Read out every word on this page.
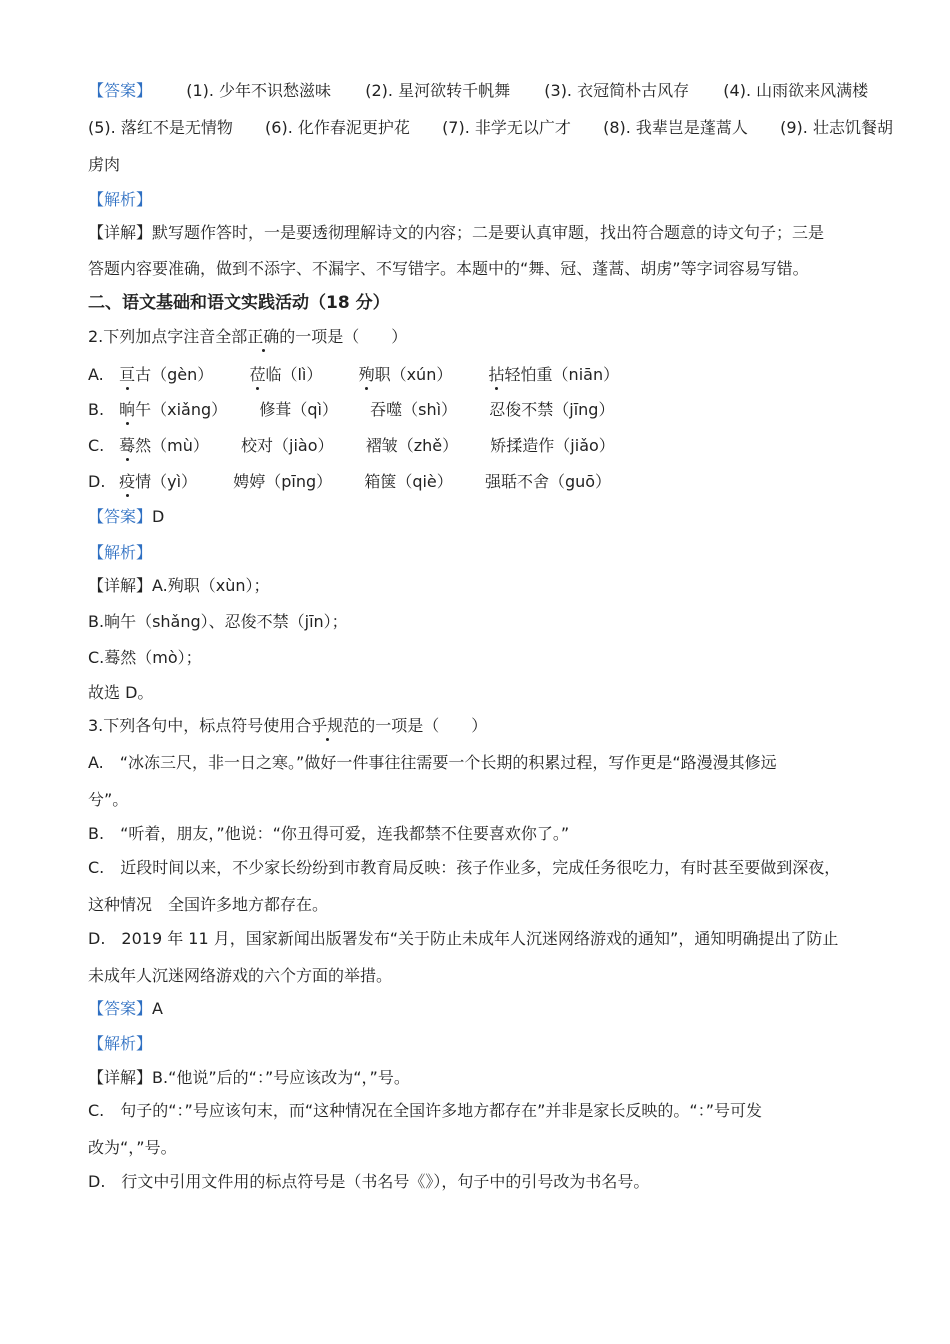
【答案】 (1). 少年不识愁滋味 (2). 星河欲转千帆舞 (3). 衣冠简朴古风存 (4). 山雨欲来风满楼
(5). 落红不是无情物 (6). 化作春泥更护花 (7). 非学无以广才 (8). 我辈岂是蓬蒿人 (9). 壮志饥餐胡
虏肉
【解析】
【详解】默写题作答时，一是要透彻理解诗文的内容；二是要认真审题，找出符合题意的诗文句子；三是
答题内容要准确，做到不添字、不漏字、不写错字。本题中的“舞、冠、蓬蒿、胡虏”等字词容易写错。
二、语文基础和语文实践活动（18 分）
2.下列加点字注音全部正确的一项是（　　）
A. 亘古（gèn） 莅临（lì） 殉职（xún） 拈轻怕重（niān）
B. 晌午（xiǎng） 修葺（qì） 吞噬（shì） 忍俊不禁（jīng）
C. 蓦然（mù） 校对（jiào） 褶皱（zhě） 矫揉造作（jiǎo）
D. 疫情（yì） 娉婷（pīng） 箱箧（qiè） 强聒不舍（guō）
【答案】D
【解析】
【详解】A.殉职（xùn）；
B.晌午（shǎng）、忍俊不禁（jīn）；
C.蓦然（mò）；
故选 D。
3.下列各句中，标点符号使用合乎规范的一项是（　　）
A.　“冰冻三尺，非一日之寒。”做好一件事往往需要一个长期的积累过程，写作更是“路漫漫其修远
兮”。
B.　“听着，朋友，”他说：“你丑得可爱，连我都禁不住要喜欢你了。”
C.　近段时间以来，不少家长纷纷到市教育局反映：孩子作业多，完成任务很吃力，有时甚至要做到深夜，
这种情况　全国许多地方都存在。
D.　2019 年 11 月，国家新闻出版署发布“关于防止未成年人沉迷网络游戏的通知”，通知明确提出了防止
未成年人沉迷网络游戏的六个方面的举措。
【答案】A
【解析】
【详解】B.“他说”后的“：”号应该改为“，”号。
C.　句子的“：”号应该句末，而“这种情况在全国许多地方都存在”并非是家长反映的。“：”号可发
改为“，”号。
D.　行文中引用文件用的标点符号是（书名号《》），句子中的引号改为书名号。
